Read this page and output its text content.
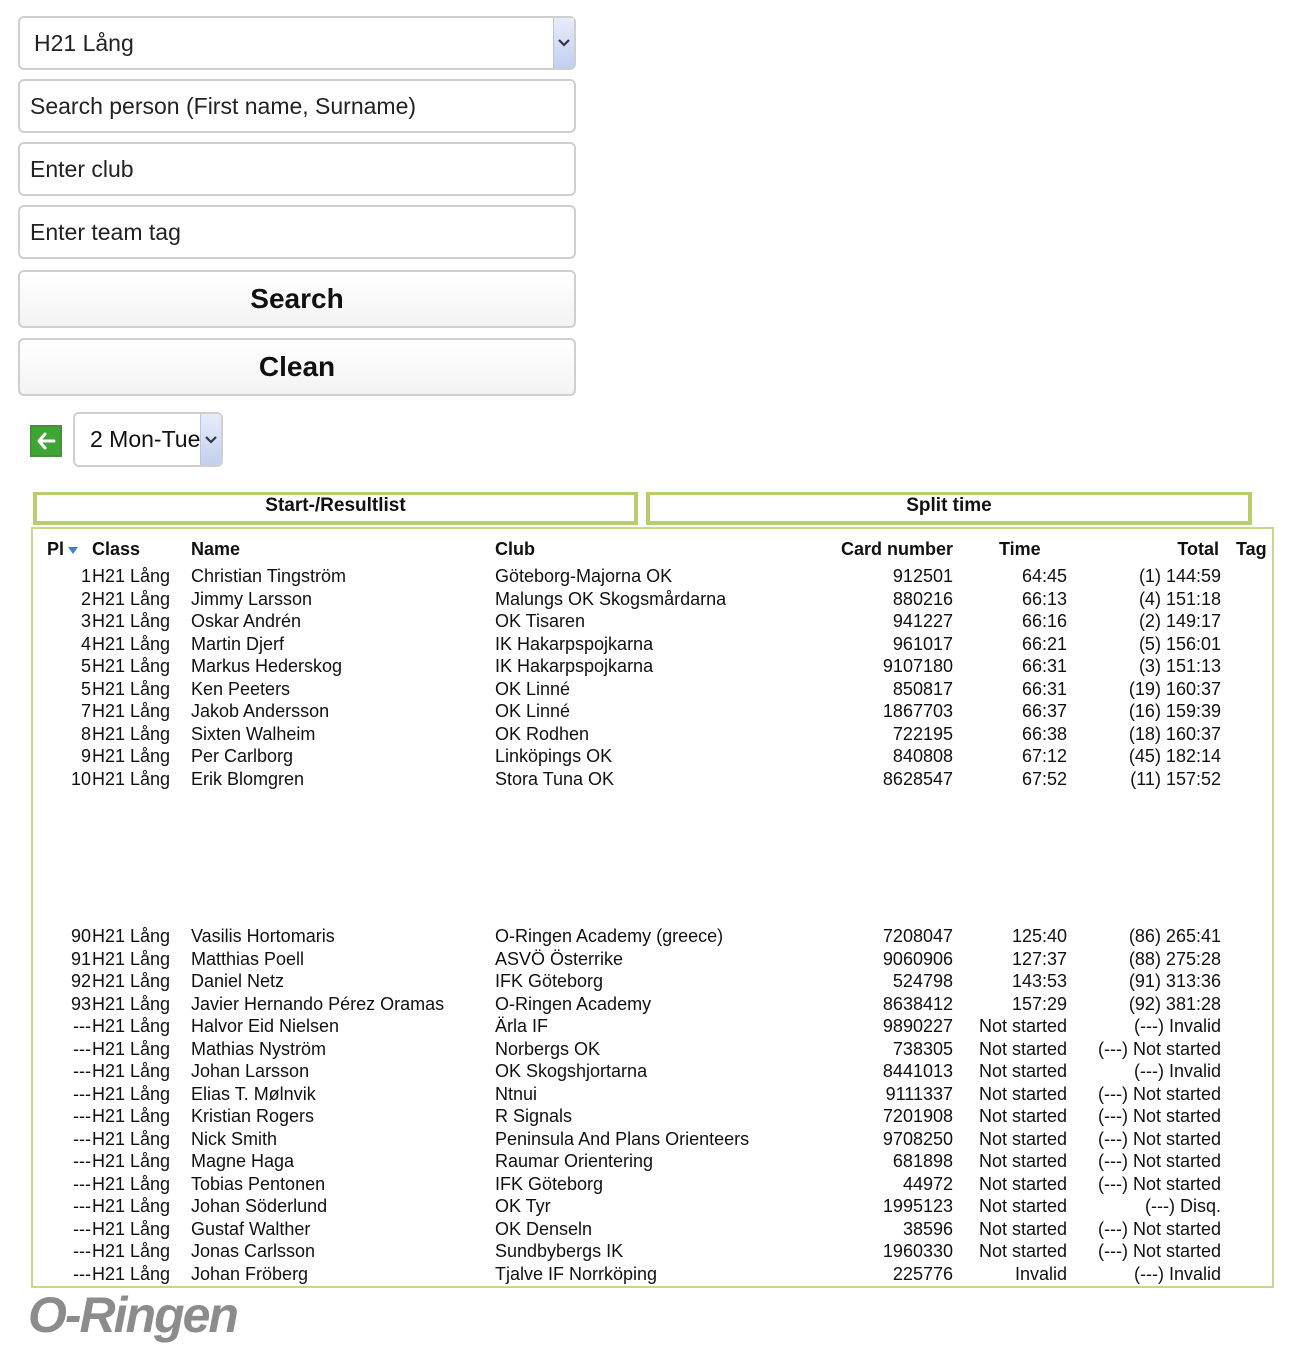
H21 Lång
Search person (First name, Surname)
Enter club
Enter team tag
Search
Clean
2 Mon-Tue
Start-/Resultlist	Split time
Pl	Class	Name	Club	Card number	Time	Total Tag
1 H21 Lång Christian Tingström	Göteborg-Majorna OK	912501	64:45	(1) 144:59
2 H21 Lång Jimmy Larsson	Malungs OK Skogsmårdarna	880216	66:13	(4) 151:18
3 H21 Lång Oskar Andrén	OK Tisaren	941227	66:16	(2) 149:17
4 H21 Lång Martin Djerf	IK Hakarpspojkarna	961017	66:21	(5) 156:01
5 H21 Lång Markus Hederskog	IK Hakarpspojkarna	9107180	66:31	(3) 151:13
5 H21 Lång Ken Peeters	OK Linné	850817	66:31	(19) 160:37
7 H21 Lång Jakob Andersson	OK Linné	1867703	66:37	(16) 159:39
8 H21 Lång Sixten Walheim	OK Rodhen	722195	66:38	(18) 160:37
9 H21 Lång Per Carlborg	Linköpings OK	840808	67:12	(45) 182:14
10 H21 Lång Erik Blomgren	Stora Tuna OK	8628547	67:52	(11) 157:52
90 H21 Lång Vasilis Hortomaris	O-Ringen Academy (greece)	7208047	125:40	(86) 265:41
91 H21 Lång Matthias Poell	ASVÖ Österrike	9060906	127:37	(88) 275:28
92 H21 Lång Daniel Netz	IFK Göteborg	524798	143:53	(91) 313:36
93 H21 Lång Javier Hernando Pérez Oramas	O-Ringen Academy	8638412	157:29	(92) 381:28
--- H21 Lång Halvor Eid Nielsen	Ärla IF	9890227	Not started	(---) Invalid
--- H21 Lång Mathias Nyström	Norbergs OK	738305	Not started	(---) Not started
--- H21 Lång Johan Larsson	OK Skogshjortarna	8441013	Not started	(---) Invalid
--- H21 Lång Elias T. Mølnvik	Ntnui	9111337	Not started	(---) Not started
--- H21 Lång Kristian Rogers	R Signals	7201908	Not started	(---) Not started
--- H21 Lång Nick Smith	Peninsula And Plans Orienteers	9708250	Not started	(---) Not started
--- H21 Lång Magne Haga	Raumar Orientering	681898	Not started	(---) Not started
--- H21 Lång Tobias Pentonen	IFK Göteborg	44972	Not started	(---) Not started
--- H21 Lång Johan Söderlund	OK Tyr	1995123	Not started	(---) Disq.
--- H21 Lång Gustaf Walther	OK Denseln	38596	Not started	(---) Not started
--- H21 Lång Jonas Carlsson	Sundbybergs IK	1960330	Not started	(---) Not started
--- H21 Lång Johan Fröberg	Tjalve IF Norrköping	225776	Invalid	(---) Invalid
O-Ringen
